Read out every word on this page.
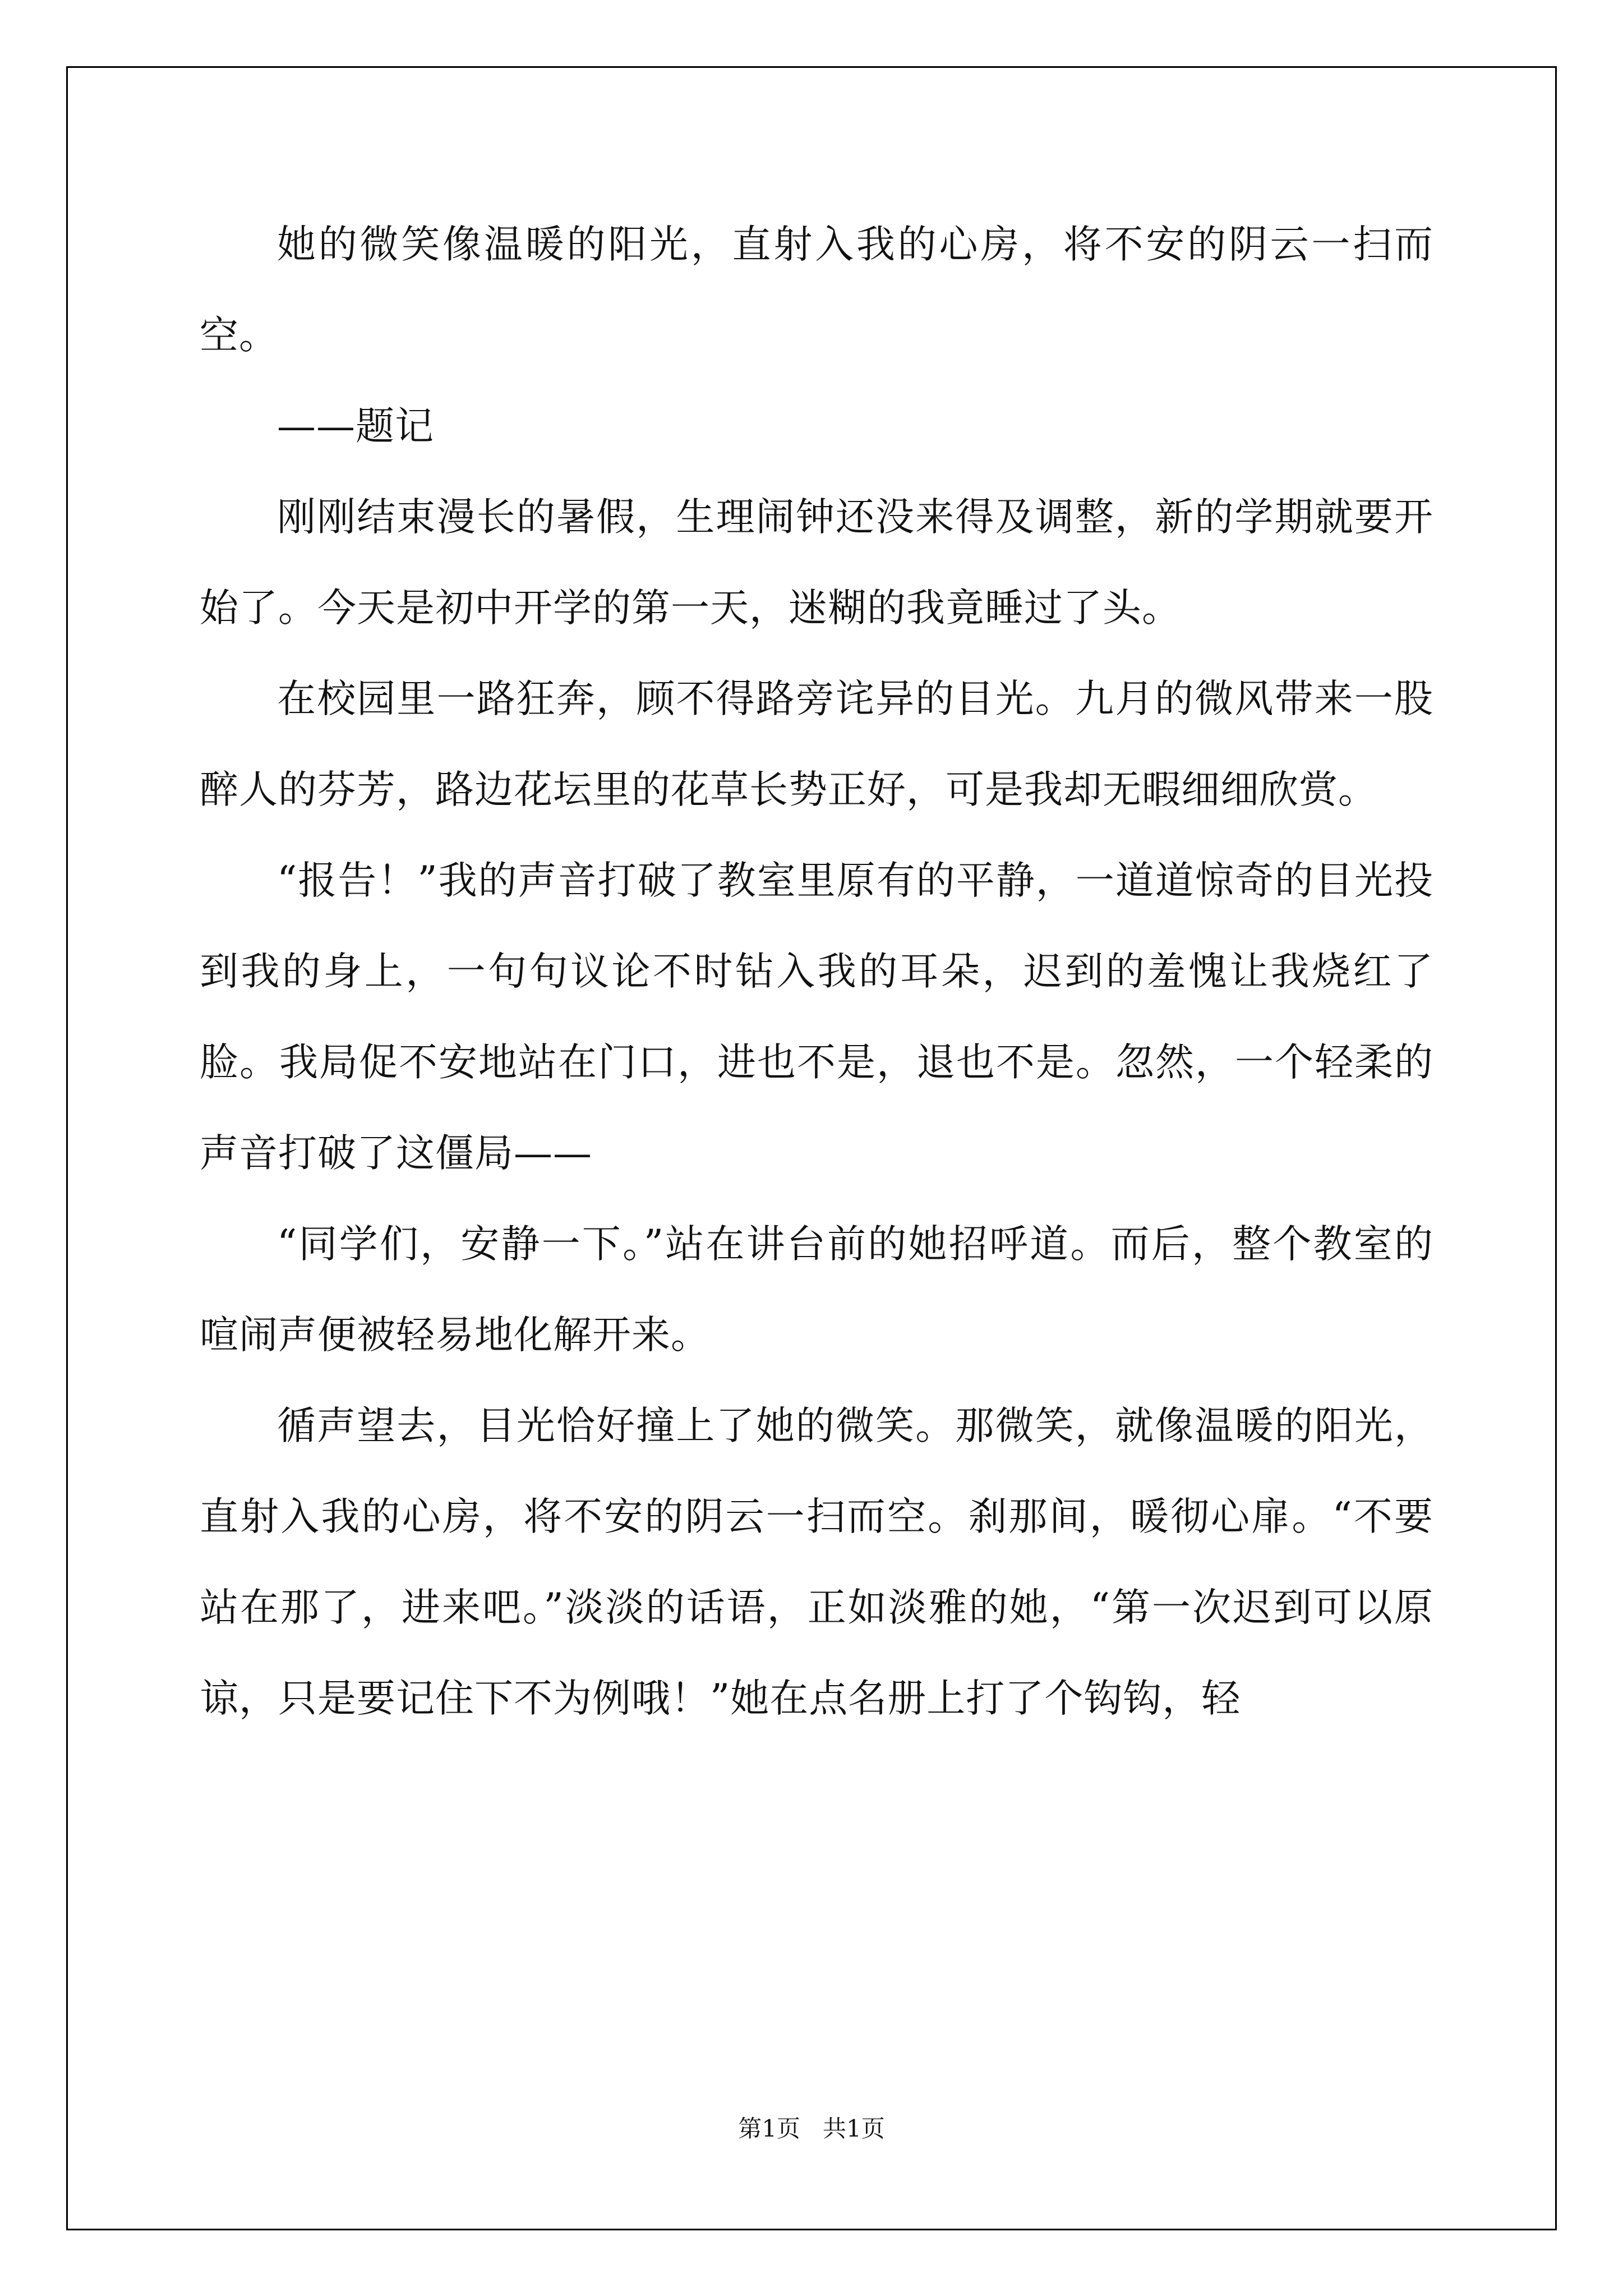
她的微笑像温暖的阳光，直射入我的心房，将不安的阴云一扫而空。

——题记

刚刚结束漫长的暑假，生理闹钟还没来得及调整，新的学期就要开始了。今天是初中开学的第一天，迷糊的我竟睡过了头。

在校园里一路狂奔，顾不得路旁诧异的目光。九月的微风带来一股醉人的芬芳，路边花坛里的花草长势正好，可是我却无暇细细欣赏。

“报告！”我的声音打破了教室里原有的平静，一道道惊奇的目光投到我的身上，一句句议论不时钻入我的耳朵，迟到的羞愧让我烧红了脸。我局促不安地站在门口，进也不是，退也不是。忽然，一个轻柔的声音打破了这僵局——

“同学们，安静一下。”站在讲台前的她招呼道。而后，整个教室的喧闹声便被轻易地化解开来。

循声望去，目光恰好撞上了她的微笑。那微笑，就像温暖的阳光，直射入我的心房，将不安的阴云一扫而空。刹那间，暖彻心扉。“不要站在那了，进来吧。”淡淡的话语，正如淡雅的她，“第一次迟到可以原谅，只是要记住下不为例哦！”她在点名册上打了个钩钩，轻

第1页 共1页
